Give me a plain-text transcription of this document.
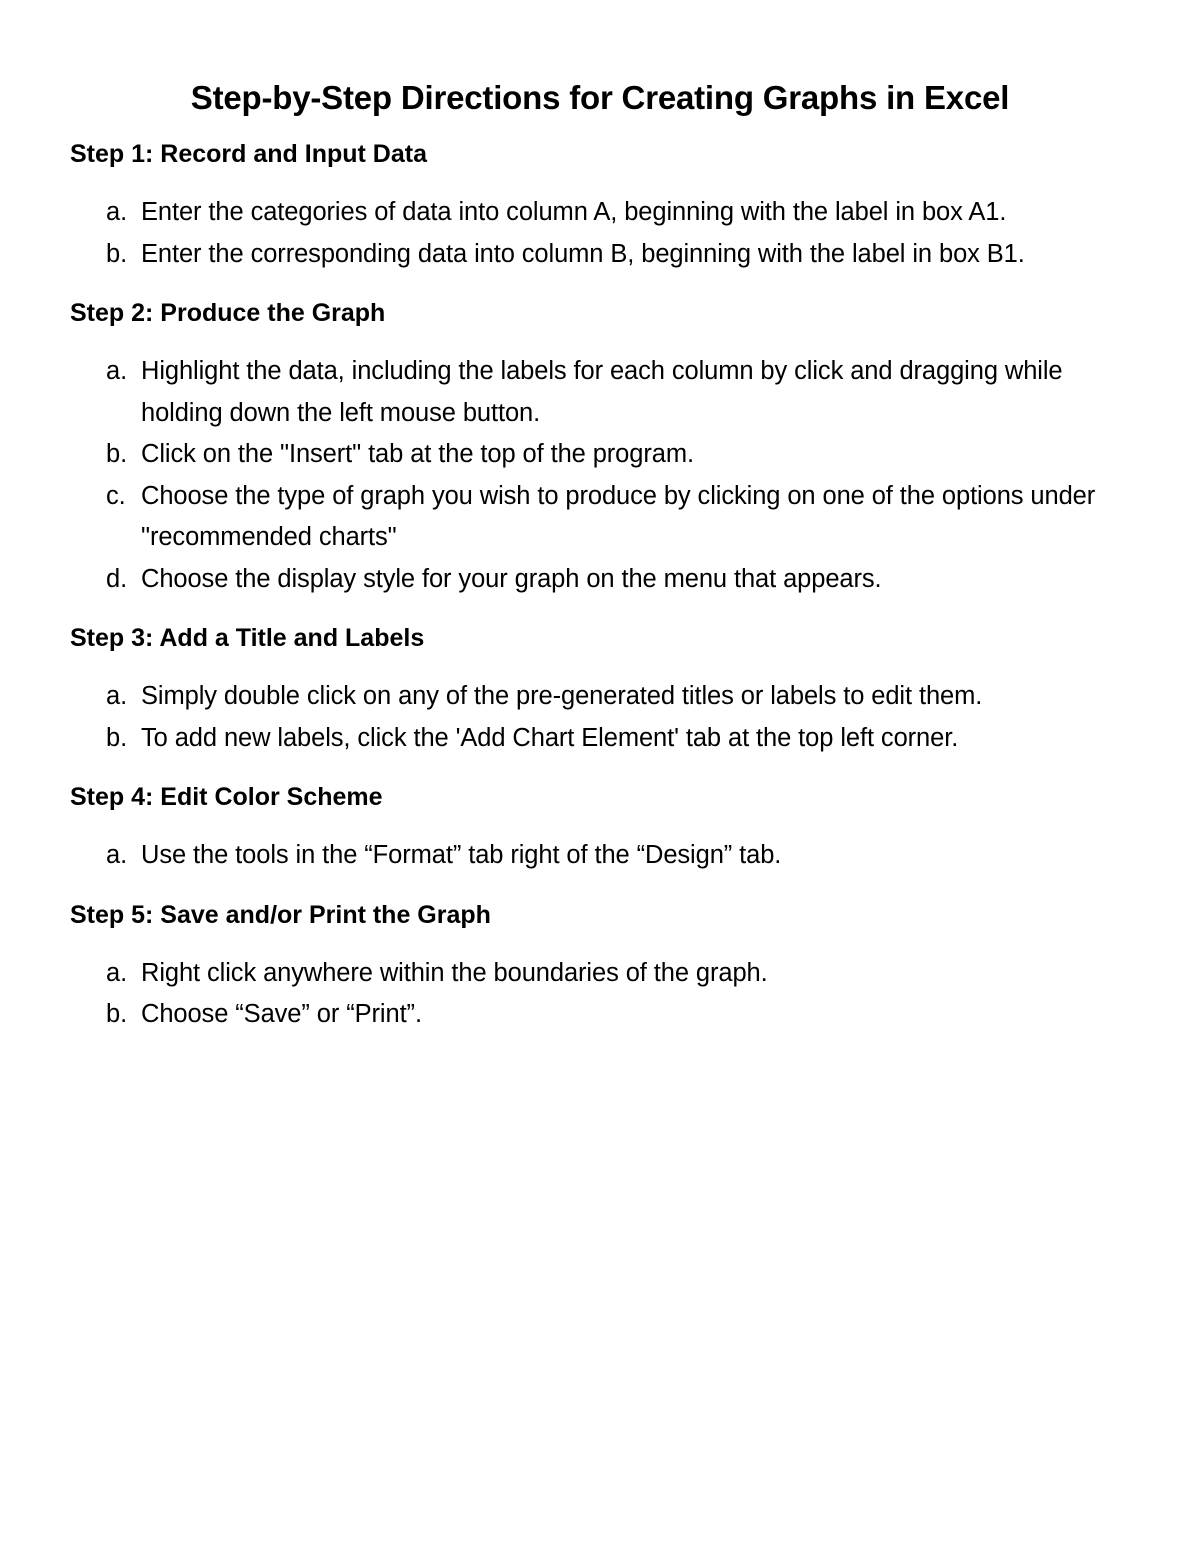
Step-by-Step Directions for Creating Graphs in Excel
Step 1: Record and Input Data
a. Enter the categories of data into column A, beginning with the label in box A1.
b. Enter the corresponding data into column B, beginning with the label in box B1.
Step 2: Produce the Graph
a. Highlight the data, including the labels for each column by click and dragging while holding down the left mouse button.
b. Click on the "Insert" tab at the top of the program.
c. Choose the type of graph you wish to produce by clicking on one of the options under "recommended charts"
d. Choose the display style for your graph on the menu that appears.
Step 3: Add a Title and Labels
a. Simply double click on any of the pre-generated titles or labels to edit them.
b. To add new labels, click the 'Add Chart Element' tab at the top left corner.
Step 4: Edit Color Scheme
a. Use the tools in the “Format” tab right of the “Design” tab.
Step 5: Save and/or Print the Graph
a. Right click anywhere within the boundaries of the graph.
b. Choose “Save” or “Print”.
